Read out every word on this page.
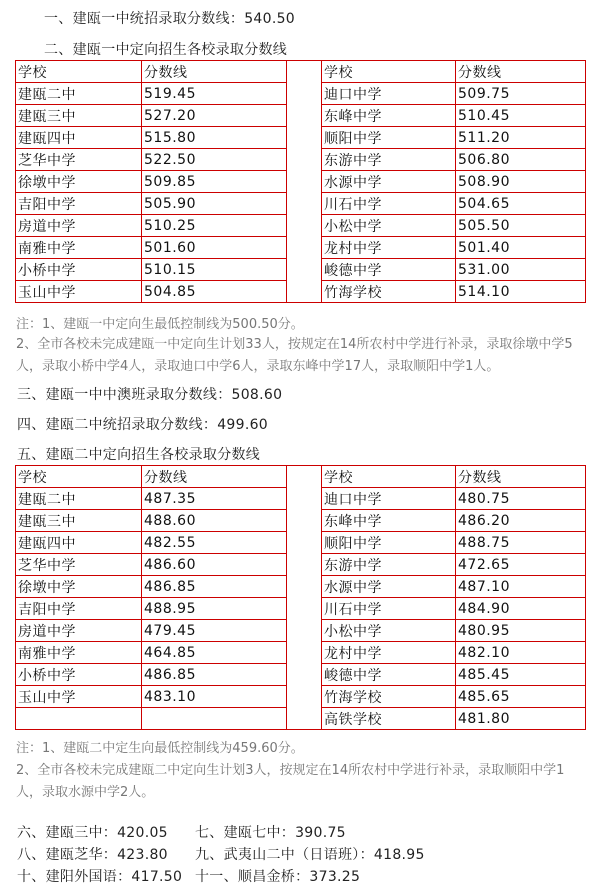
一、建瓯一中统招录取分数线：540.50
二、建瓯一中定向招生各校录取分数线
学校	分数线		学校	分数线
建瓯二中	519.45		迪口中学	509.75
建瓯三中	527.20		东峰中学	510.45
建瓯四中	515.80		顺阳中学	511.20
芝华中学	522.50		东游中学	506.80
徐墩中学	509.85		水源中学	508.90
吉阳中学	505.90		川石中学	504.65
房道中学	510.25		小松中学	505.50
南雅中学	501.60		龙村中学	501.40
小桥中学	510.15		峻德中学	531.00
玉山中学	504.85		竹海学校	514.10
注：1、建瓯一中定向生最低控制线为500.50分。
2、全市各校未完成建瓯一中定向生计划33人，按规定在14所农村中学进行补录，录取徐墩中学5人，录取小桥中学4人，录取迪口中学6人，录取东峰中学17人，录取顺阳中学1人。
三、建瓯一中中澳班录取分数线：508.60
四、建瓯二中统招录取分数线：499.60
五、建瓯二中定向招生各校录取分数线
学校	分数线		学校	分数线
建瓯二中	487.35		迪口中学	480.75
建瓯三中	488.60		东峰中学	486.20
建瓯四中	482.55		顺阳中学	488.75
芝华中学	486.60		东游中学	472.65
徐墩中学	486.85		水源中学	487.10
吉阳中学	488.95		川石中学	484.90
房道中学	479.45		小松中学	480.95
南雅中学	464.85		龙村中学	482.10
小桥中学	486.85		峻德中学	485.45
玉山中学	483.10		竹海学校	485.65
			高铁学校	481.80
注：1、建瓯二中定生向最低控制线为459.60分。
2、全市各校未完成建瓯二中定向生计划3人，按规定在14所农村中学进行补录，录取顺阳中学1人，录取水源中学2人。
六、建瓯三中：420.05 七、建瓯七中：390.75
八、建瓯芝华：423.80 九、武夷山二中（日语班）：418.95
十、建阳外国语：417.50 十一、顺昌金桥：373.25
